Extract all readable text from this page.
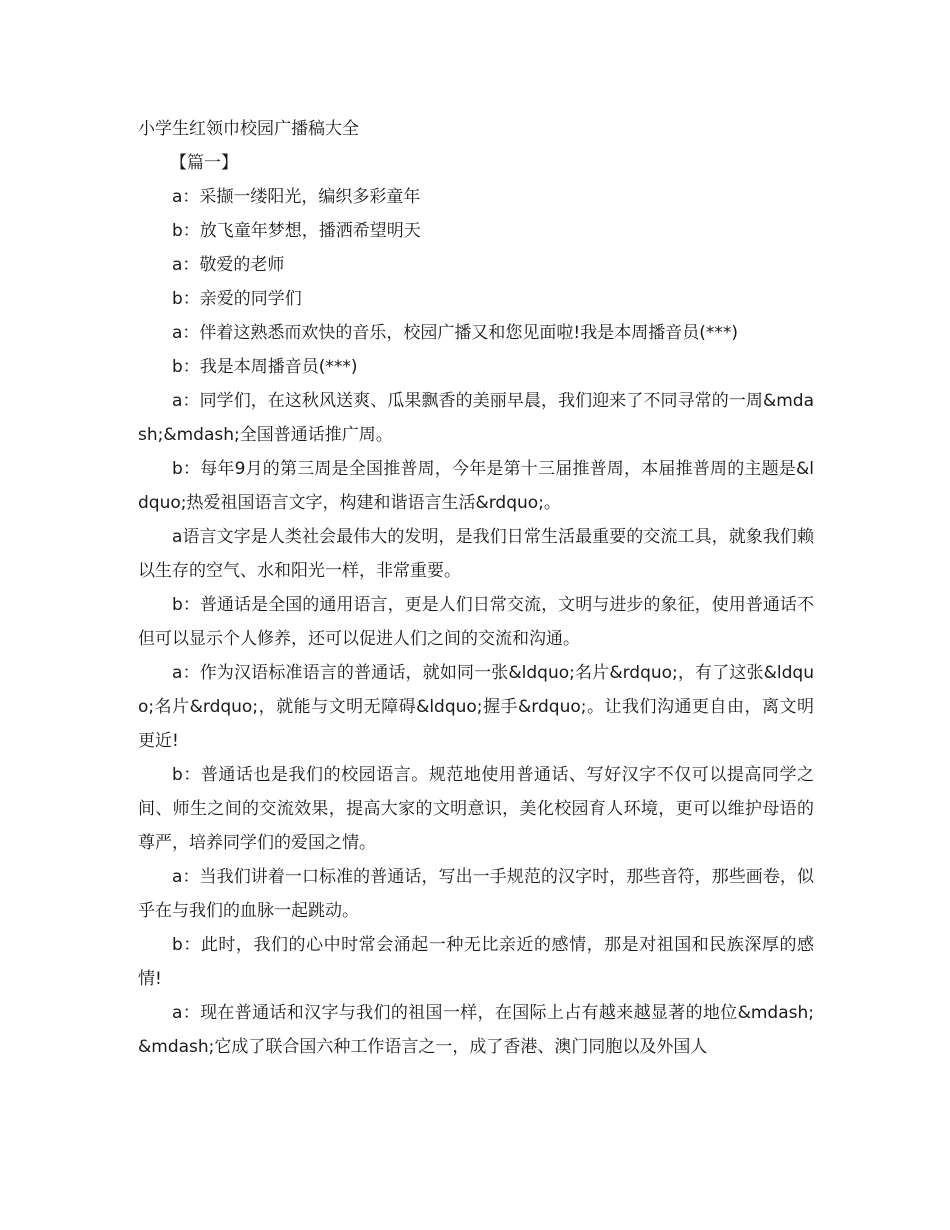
小学生红领巾校园广播稿大全
【篇一】

a：采撷一缕阳光，编织多彩童年

b：放飞童年梦想，播洒希望明天

a：敬爱的老师

b：亲爱的同学们

a：伴着这熟悉而欢快的音乐，校园广播又和您见面啦!我是本周播音员(***)

b：我是本周播音员(***)

a：同学们，在这秋风送爽、瓜果飘香的美丽早晨，我们迎来了不同寻常的一周&mdash;&mdash;全国普通话推广周。

b：每年9月的第三周是全国推普周，今年是第十三届推普周，本届推普周的主题是&ldquo;热爱祖国语言文字，构建和谐语言生活&rdquo;。

a语言文字是人类社会最伟大的发明，是我们日常生活最重要的交流工具，就象我们赖以生存的空气、水和阳光一样，非常重要。

b：普通话是全国的通用语言，更是人们日常交流，文明与进步的象征，使用普通话不但可以显示个人修养，还可以促进人们之间的交流和沟通。

a：作为汉语标准语言的普通话，就如同一张&ldquo;名片&rdquo;，有了这张&ldquo;名片&rdquo;，就能与文明无障碍&ldquo;握手&rdquo;。让我们沟通更自由，离文明更近!

b：普通话也是我们的校园语言。规范地使用普通话、写好汉字不仅可以提高同学之间、师生之间的交流效果，提高大家的文明意识，美化校园育人环境，更可以维护母语的尊严，培养同学们的爱国之情。

a：当我们讲着一口标准的普通话，写出一手规范的汉字时，那些音符，那些画卷，似乎在与我们的血脉一起跳动。

b：此时，我们的心中时常会涌起一种无比亲近的感情，那是对祖国和民族深厚的感情!

a：现在普通话和汉字与我们的祖国一样，在国际上占有越来越显著的地位&mdash;&mdash;它成了联合国六种工作语言之一，成了香港、澳门同胞以及外国人
